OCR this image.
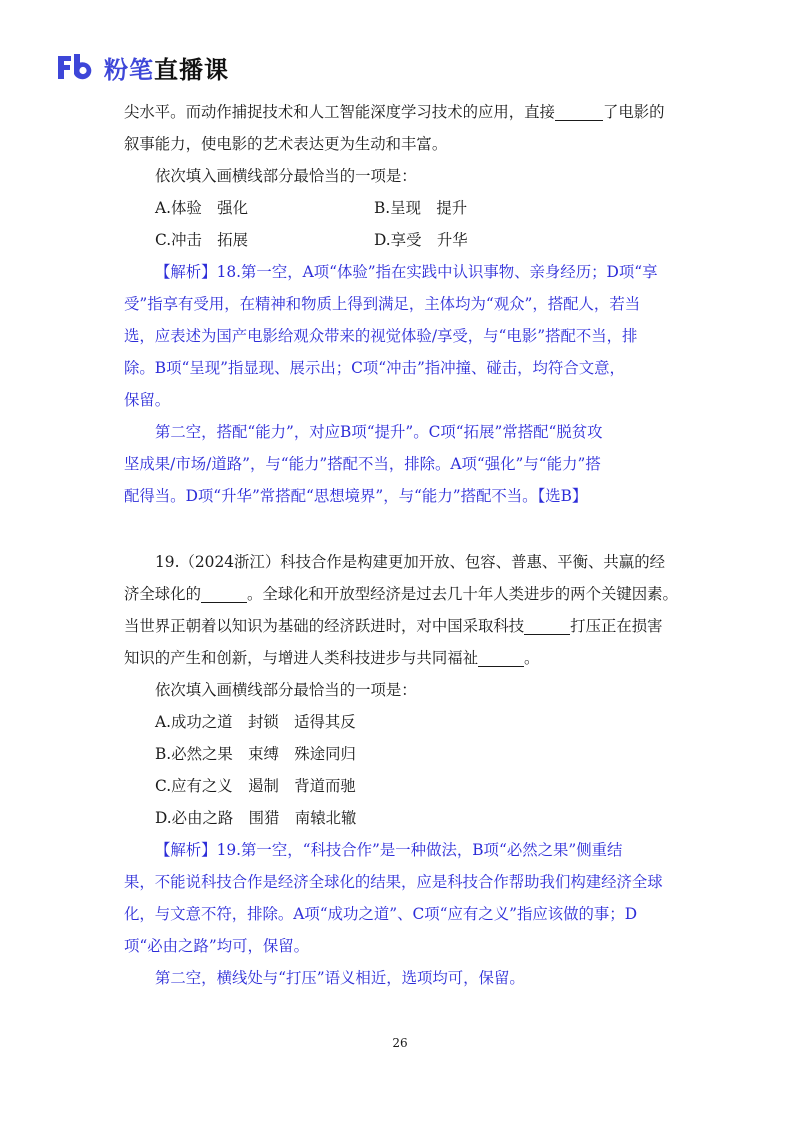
粉笔 直播课
尖水平。而动作捕捉技术和人工智能深度学习技术的应用，直接	了电影的
叙事能力，使电影的艺术表达更为生动和丰富。
依次填入画横线部分最恰当的一项是：
A.体验　强化	B.呈现　提升
C.冲击　拓展	D.享受　升华
【解析】18.第一空，A项“体验”指在实践中认识事物、亲身经历；D项“享
受”指享有受用，在精神和物质上得到满足，主体均为“观众”，搭配人，若当
选，应表述为国产电影给观众带来的视觉体验/享受，与“电影”搭配不当，排
除。B项“呈现”指显现、展示出；C项“冲击”指冲撞、碰击，均符合文意，
保留。
第二空，搭配“能力”，对应B项“提升”。C项“拓展”常搭配“脱贫攻
坚成果/市场/道路”，与“能力”搭配不当，排除。A项“强化”与“能力”搭
配得当。D项“升华”常搭配“思想境界”，与“能力”搭配不当。【选B】
19.（2024浙江）科技合作是构建更加开放、包容、普惠、平衡、共赢的经
济全球化的	。全球化和开放型经济是过去几十年人类进步的两个关键因素。
当世界正朝着以知识为基础的经济跃进时，对中国采取科技	打压正在损害
知识的产生和创新，与增进人类科技进步与共同福祉	。
依次填入画横线部分最恰当的一项是：
A.成功之道　封锁　适得其反
B.必然之果　束缚　殊途同归
C.应有之义　遏制　背道而驰
D.必由之路　围猎　南辕北辙
【解析】19.第一空，“科技合作”是一种做法，B项“必然之果”侧重结
果，不能说科技合作是经济全球化的结果，应是科技合作帮助我们构建经济全球
化，与文意不符，排除。A项“成功之道”、C项“应有之义”指应该做的事；D
项“必由之路”均可，保留。
第二空，横线处与“打压”语义相近，选项均可，保留。
26
